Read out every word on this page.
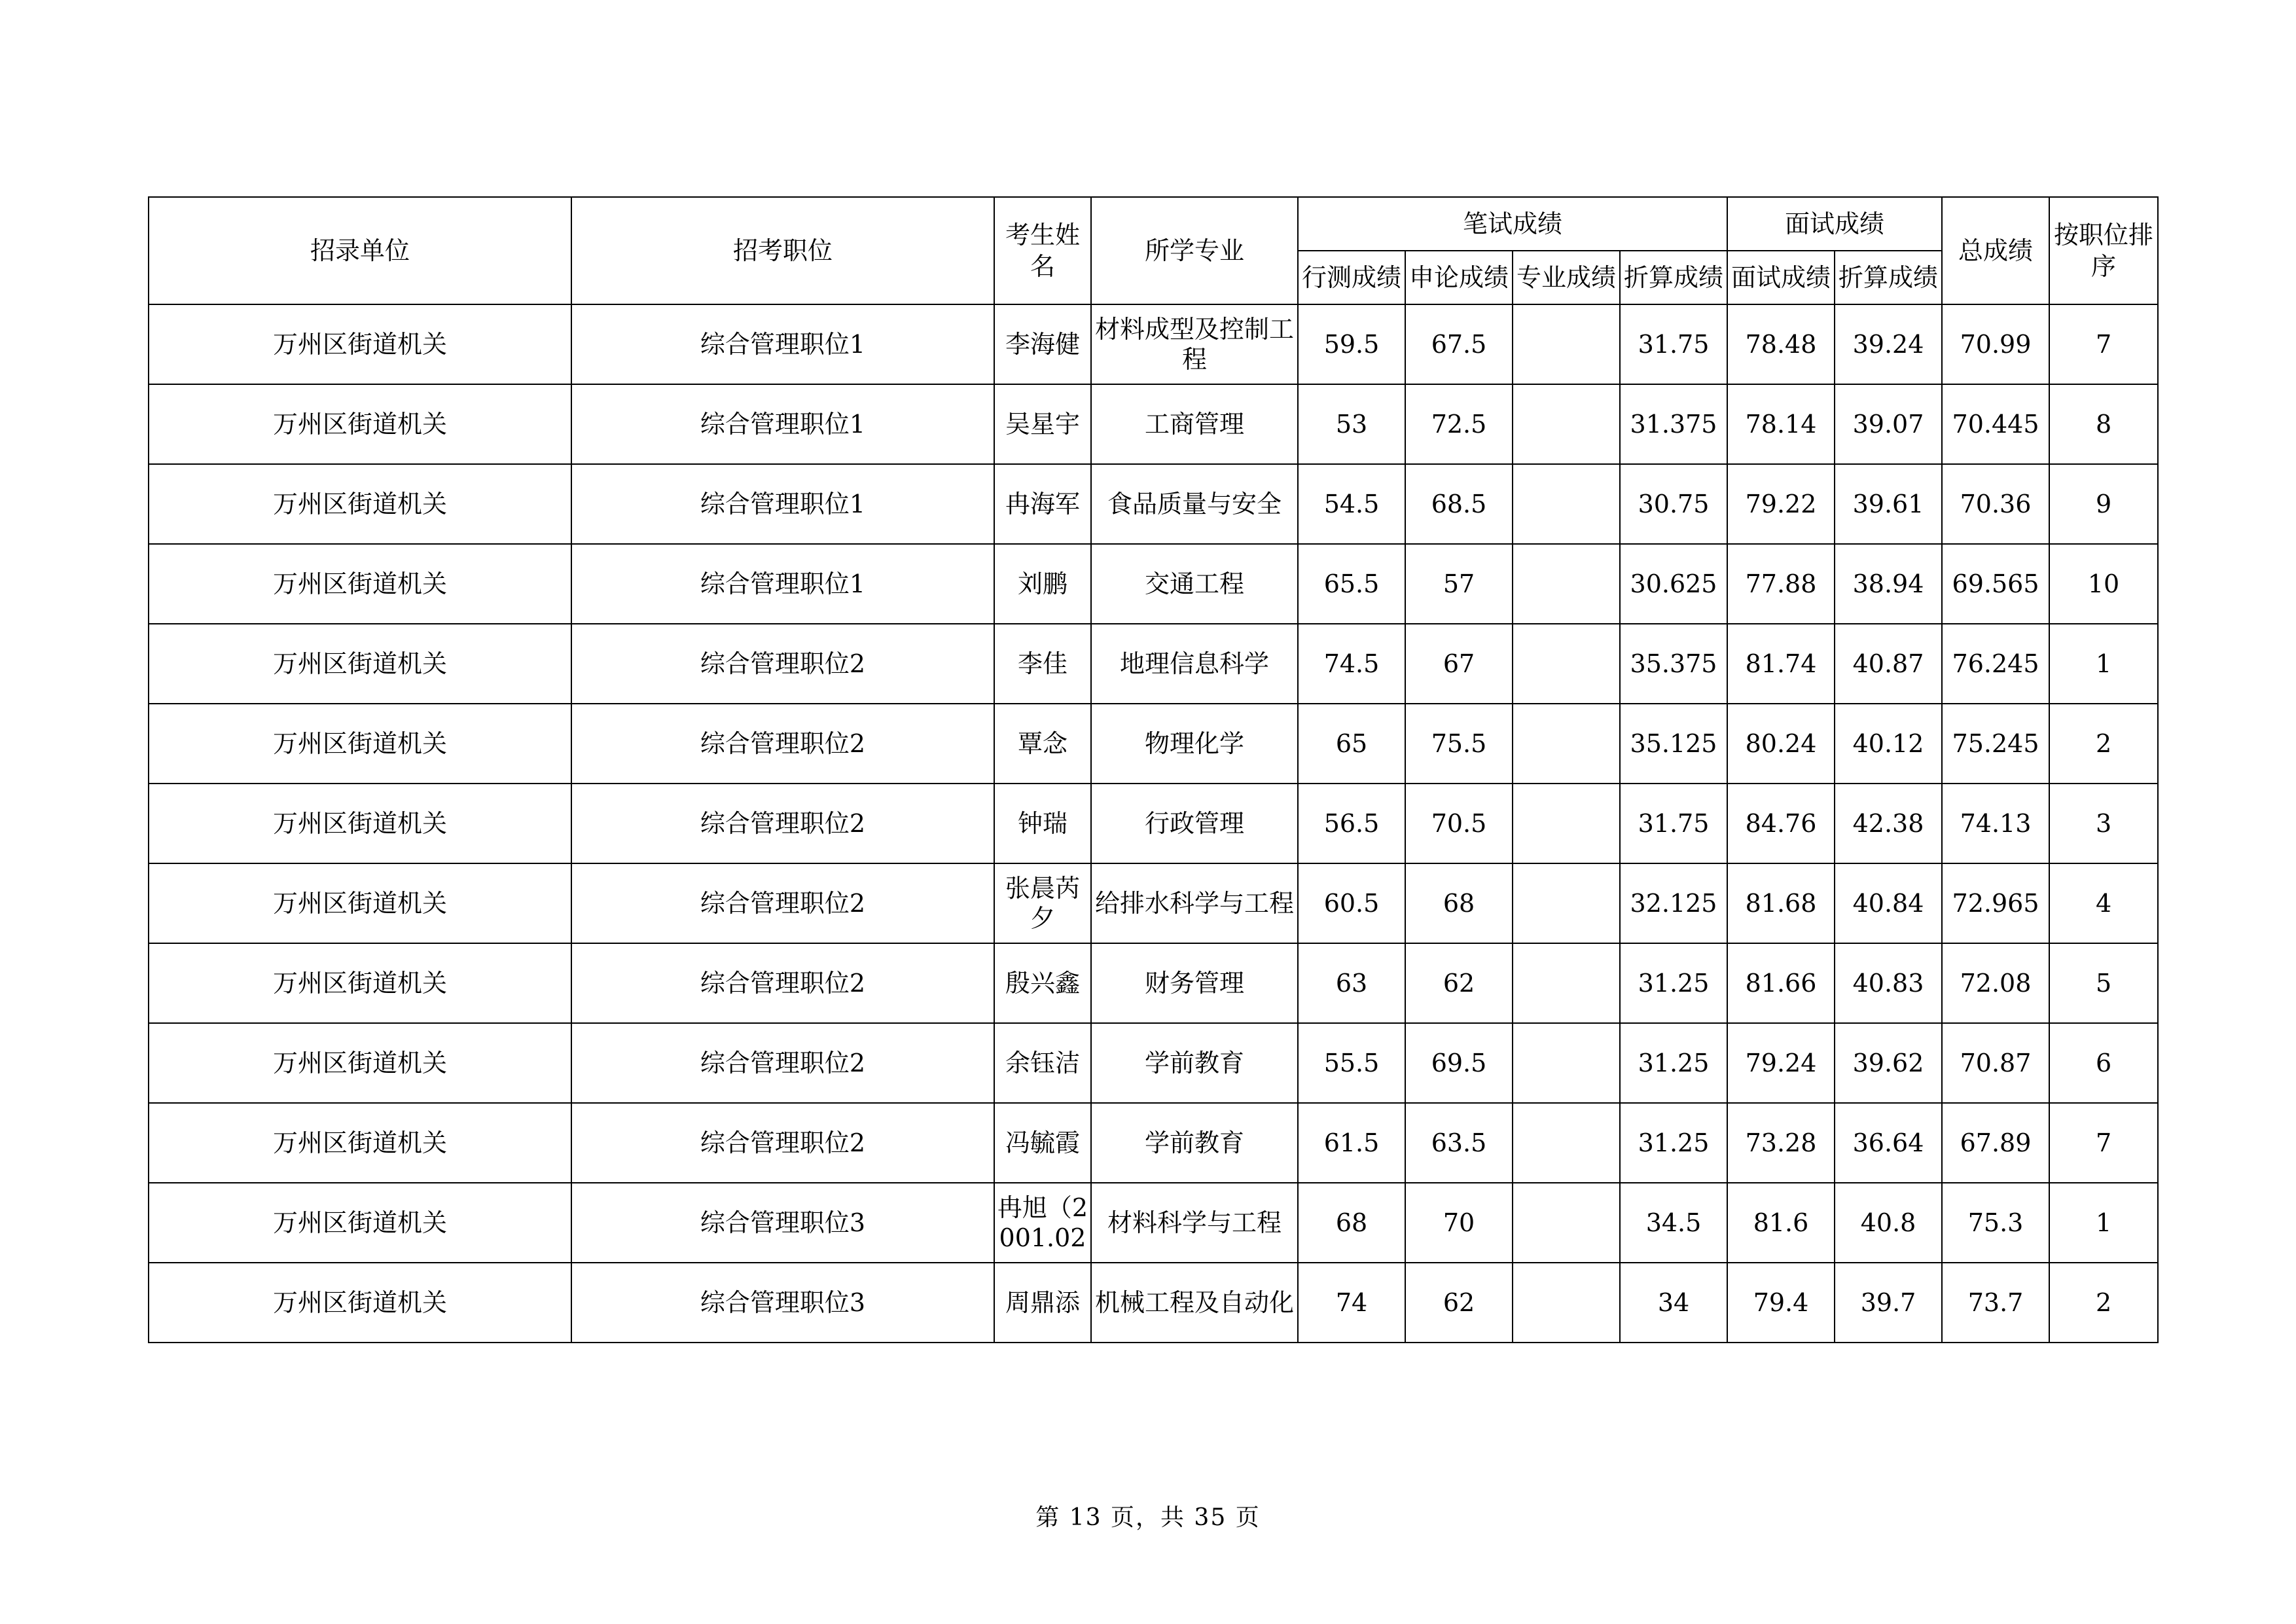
招录单位	招考职位	考生姓名	所学专业	笔试成绩				面试成绩		总成绩	按职位排序

				行测成绩	申论成绩	专业成绩	折算成绩	面试成绩	折算成绩		

万州区街道机关	综合管理职位1	李海健	材料成型及控制工程	59.5	67.5		31.75	78.48	39.24	70.99	7
万州区街道机关	综合管理职位1	吴星宇	工商管理	53	72.5		31.375	78.14	39.07	70.445	8
万州区街道机关	综合管理职位1	冉海军	食品质量与安全	54.5	68.5		30.75	79.22	39.61	70.36	9
万州区街道机关	综合管理职位1	刘鹏	交通工程	65.5	57		30.625	77.88	38.94	69.565	10
万州区街道机关	综合管理职位2	李佳	地理信息科学	74.5	67		35.375	81.74	40.87	76.245	1
万州区街道机关	综合管理职位2	覃念	物理化学	65	75.5		35.125	80.24	40.12	75.245	2
万州区街道机关	综合管理职位2	钟瑞	行政管理	56.5	70.5		31.75	84.76	42.38	74.13	3
万州区街道机关	综合管理职位2	张晨芮夕	给排水科学与工程	60.5	68		32.125	81.68	40.84	72.965	4
万州区街道机关	综合管理职位2	殷兴鑫	财务管理	63	62		31.25	81.66	40.83	72.08	5
万州区街道机关	综合管理职位2	余钰洁	学前教育	55.5	69.5		31.25	79.24	39.62	70.87	6
万州区街道机关	综合管理职位2	冯毓霞	学前教育	61.5	63.5		31.25	73.28	36.64	67.89	7
万州区街道机关	综合管理职位3	冉旭（2001.02	材料科学与工程	68	70		34.5	81.6	40.8	75.3	1
万州区街道机关	综合管理职位3	周鼎添	机械工程及自动化	74	62		34	79.4	39.7	73.7	2
第 13 页，共 35 页
